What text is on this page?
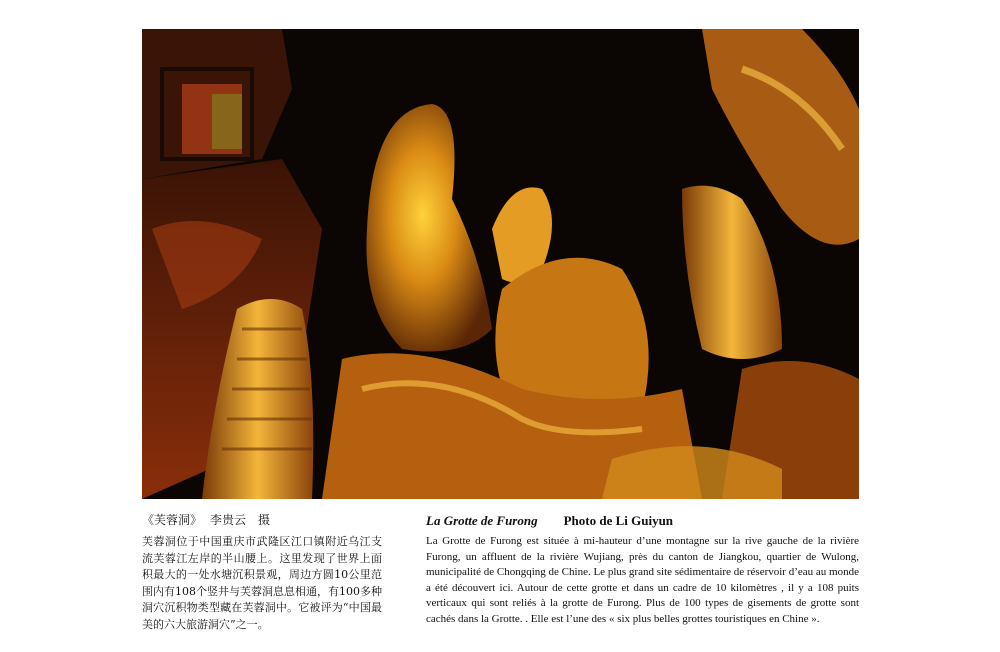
《芙蓉洞》 李贵云　摄
芙蓉洞位于中国重庆市武隆区江口镇附近乌江支流芙蓉江左岸的半山腰上。这里发现了世界上面积最大的一处水塘沉积景观，周边方圆10公里范围内有108个竖井与芙蓉洞息息相通，有100多种洞穴沉积物类型藏在芙蓉洞中。它被评为“中国最美的六大旅游洞穴”之一。
La Grotte de Furong Photo de Li Guiyun
La Grotte de Furong est située à mi-hauteur d’une montagne sur la rive gauche de la rivière Furong, un affluent de la rivière Wujiang, près du canton de Jiangkou, quartier de Wulong, municipalité de Chongqing de Chine. Le plus grand site sédimentaire de réservoir d’eau au monde a été découvert ici. Autour de cette grotte et dans un cadre de 10 kilomètres , il y a 108 puits verticaux qui sont reliés à la grotte de Furong. Plus de 100 types de gisements de grotte sont cachés dans la Grotte. . Elle est l’une des « six plus belles grottes touristiques en Chine ».
